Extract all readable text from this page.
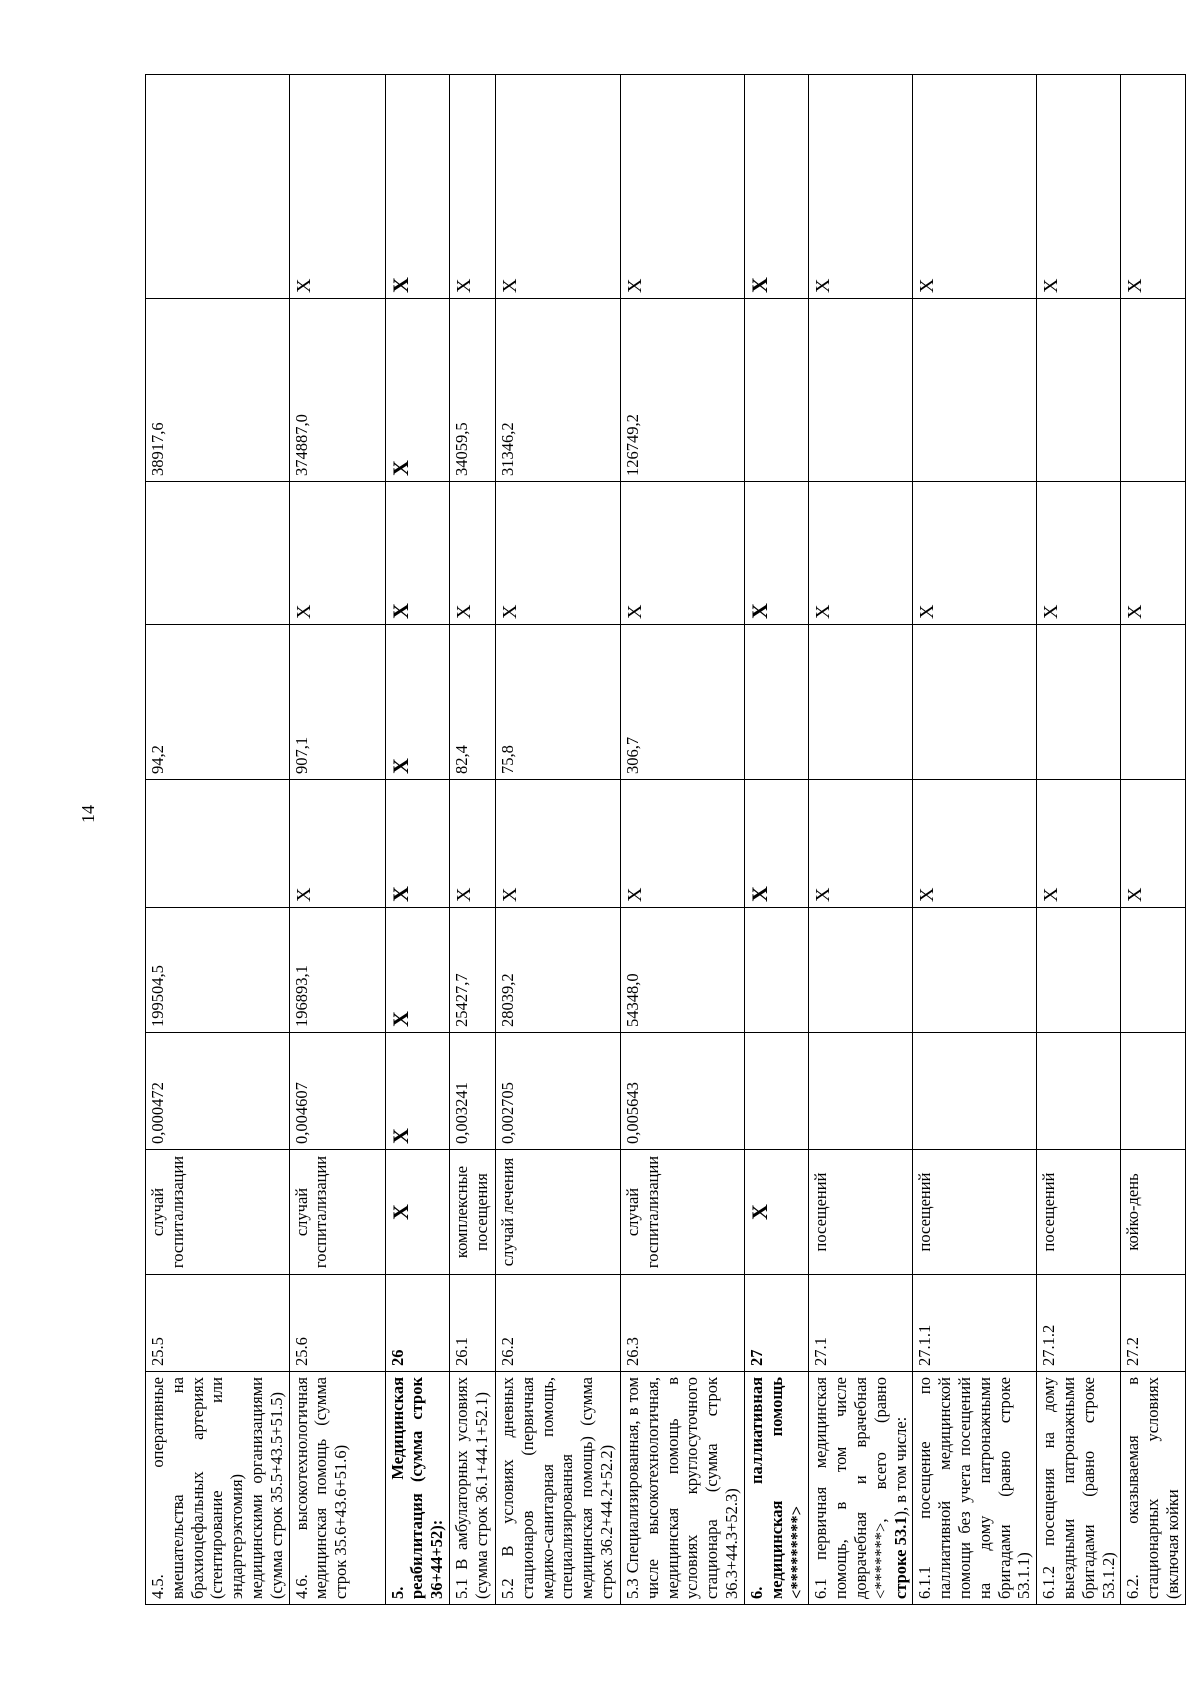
14
4.5. оперативные вмешательства на брахиоцефальных артериях (стентирование или эндартерэктомия) медицинскими организациями (сумма строк 35.5+43.5+51.5)	25.5	случай госпитализации	0,000472	199504,5		94,2		38917,6	
4.6. высокотехнологичная медицинская помощь (сумма строк 35.6+43.6+51.6)	25.6	случай госпитализации	0,004607	196893,1	Х	907,1	Х	374887,0	Х
5. Медицинская реабилитация (сумма строк 36+44+52):	26	Х	Х	Х	Х	Х	Х	Х	Х
5.1 В амбулаторных условиях (сумма строк 36.1+44.1+52.1)	26.1	комплексные посещения	0,003241	25427,7	Х	82,4	Х	34059,5	Х
5.2 В условиях дневных стационаров (первичная медико-санитарная помощь, специализированная медицинская помощь) (сумма строк 36.2+44.2+52.2)	26.2	случай лечения	0,002705	28039,2	Х	75,8	Х	31346,2	Х
5.3 Специализированная, в том числе высокотехнологичная, медицинская помощь в условиях круглосуточного стационара (сумма строк 36.3+44.3+52.3)	26.3	случай госпитализации	0,005643	54348,0	Х	306,7	Х	126749,2	Х
6. паллиативная медицинская помощь <*********>	27	Х			Х		Х		Х
6.1 первичная медицинская помощь, в том числе доврачебная и врачебная <*******>, всего (равно строке 53.1), в том числе:	27.1	посещений			Х		Х		Х
6.1.1 посещение по паллиативной медицинской помощи без учета посещений на дому патронажными бригадами (равно строке 53.1.1)	27.1.1	посещений			Х		Х		Х
6.1.2 посещения на дому выездными патронажными бригадами (равно строке 53.1.2)	27.1.2	посещений			Х		Х		Х
6.2. оказываемая в стационарных условиях (включая койки	27.2	койко-день			Х		Х		Х
